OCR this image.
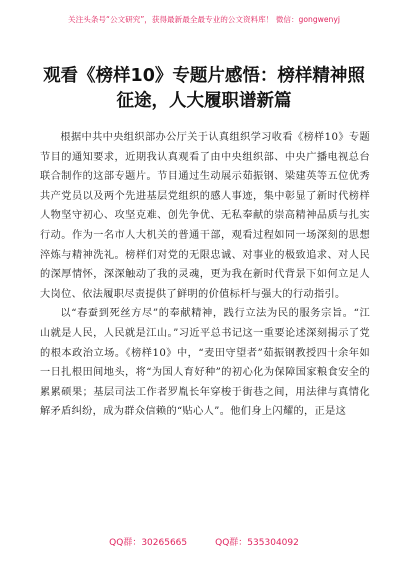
关注头条号“公文研究”，获得最新最全最专业的公文资料库！ 微信：gongwenyj
观看《榜样10》专题片感悟：榜样精神照征途，人大履职谱新篇

根据中共中央组织部办公厅关于认真组织学习收看《榜样10》专题节目的通知要求，近期我认真观看了由中央组织部、中央广播电视总台联合制作的这部专题片。节目通过生动展示茹振钢、梁建英等五位优秀共产党员以及两个先进基层党组织的感人事迹，集中彰显了新时代榜样人物坚守初心、攻坚克难、创先争优、无私奉献的崇高精神品质与扎实行动。作为一名市人大机关的普通干部，观看过程如同一场深刻的思想淬炼与精神洗礼。榜样们对党的无限忠诚、对事业的极致追求、对人民的深厚情怀，深深触动了我的灵魂，更为我在新时代背景下如何立足人大岗位、依法履职尽责提供了鲜明的价值标杆与强大的行动指引。

以“春蚕到死丝方尽”的奉献精神，践行立法为民的服务宗旨。“江山就是人民，人民就是江山。”习近平总书记这一重要论述深刻揭示了党的根本政治立场。《榜样10》中，“麦田守望者”茹振钢教授四十余年如一日扎根田间地头，将“为国人育好种”的初心化为保障国家粮食安全的累累硕果；基层司法工作者罗胤长年穿梭于街巷之间，用法律与真情化解矛盾纠纷，成为群众信赖的“贴心人”。他们身上闪耀的，正是这

QQ群：30265665	QQ群：535304092
